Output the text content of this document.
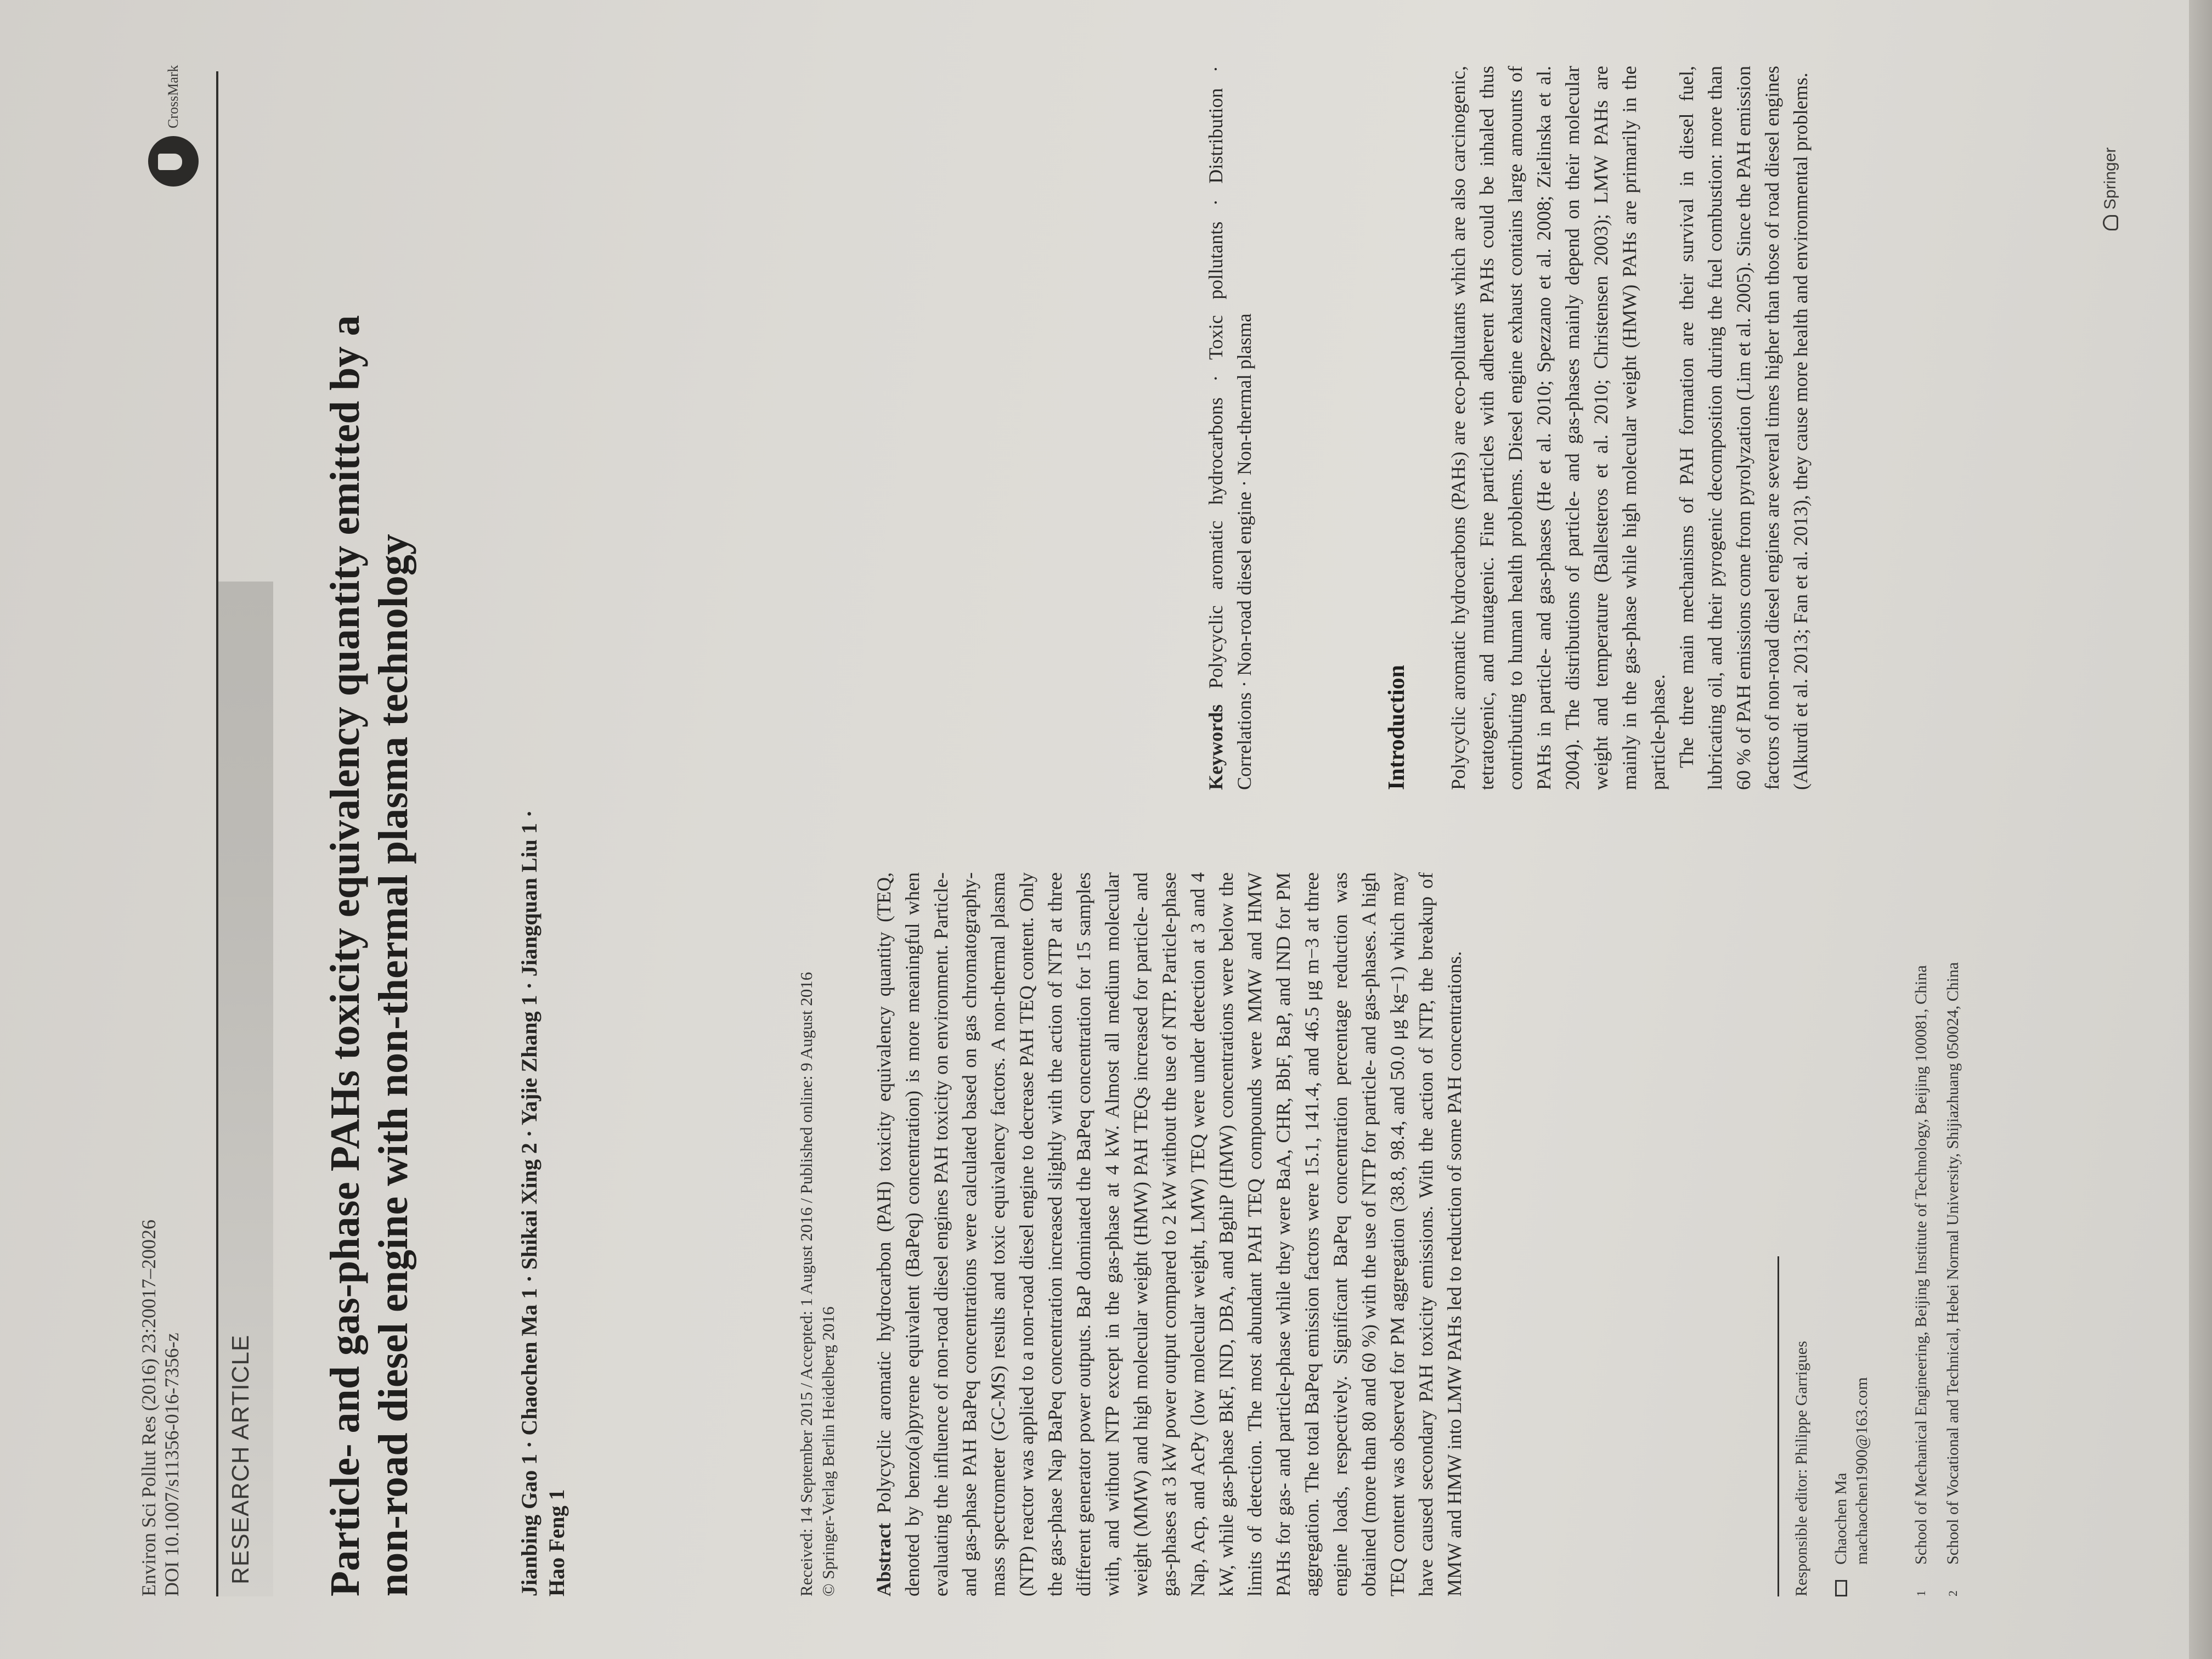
Environ Sci Pollut Res (2016) 23:20017–20026 DOI 10.1007/s11356-016-7356-z
CrossMark
RESEARCH ARTICLE	Particle- and gas-phase PAHs toxicity equivalency quantity emitted by a non-road diesel engine with non-thermal plasma technology	Jianbing Gao 1 · Chaochen Ma 1 · Shikai Xing 2 · Yajie Zhang 1 · Jiangquan Liu 1 · Hao Feng 1	Received: 14 September 2015 / Accepted: 1 August 2016 / Published online: 9 August 2016 © Springer-Verlag Berlin Heidelberg 2016 Abstract Polycyclic aromatic hydrocarbon (PAH) toxicity equivalency quantity (TEQ, denoted by benzo(a)pyrene equivalent (BaPeq) concentration) is more meaningful when evaluating the influence of non-road diesel engines PAH toxicity on environment. Particle- and gas-phase PAH BaPeq concentrations were calculated based on gas chromatography-mass spectrometer (GC-MS) results and toxic equivalency factors. A non-thermal plasma (NTP) reactor was applied to a non-road diesel engine to decrease PAH TEQ content. Only the gas-phase Nap BaPeq concentration increased slightly with the action of NTP at three different generator power outputs. BaP dominated the BaPeq concentration for 15 samples with, and without NTP except in the gas-phase at 4 kW. Almost all medium molecular weight (MMW) and high molecular weight (HMW) PAH TEQs increased for particle- and gas-phases at 3 kW power output compared to 2 kW without the use of NTP. Particle-phase Nap, Acp, and AcPy (low molecular weight, LMW) TEQ were under detection at 3 and 4 kW, while gas-phase BkF, IND, DBA, and BghiP (HMW) concentrations were below the limits of detection. The most abundant PAH TEQ compounds were MMW and HMW PAHs for gas- and particle-phase while they were BaA, CHR, BbF, BaP, and IND for PM aggregation. The total BaPeq emission factors were 15.1, 141.4, and 46.5 μg m−3 at three engine loads, respectively. Significant BaPeq concentration percentage reduction was obtained (more than 80 and 60 %) with the use of NTP for particle- and gas-phases. A high TEQ content was observed for PM aggregation (38.8, 98.4, and 50.0 μg kg−1) which may have caused secondary PAH toxicity emissions. With the action of NTP, the breakup of MMW and HMW into LMW PAHs led to reduction of some PAH concentrations.

Keywords Polycyclic aromatic hydrocarbons · Toxic pollutants · Distribution · Correlations · Non-road diesel engine · Non-thermal plasma	Introduction Polycyclic aromatic hydrocarbons (PAHs) are eco-pollutants which are also carcinogenic, tetratogenic, and mutagenic. Fine particles with adherent PAHs could be inhaled thus contributing to human health problems. Diesel engine exhaust contains large amounts of PAHs in particle- and gas-phases (He et al. 2010; Spezzano et al. 2008; Zielinska et al. 2004). The distributions of particle- and gas-phases mainly depend on their molecular weight and temperature (Ballesteros et al. 2010; Christensen 2003); LMW PAHs are mainly in the gas-phase while high molecular weight (HMW) PAHs are primarily in the particle-phase. The three main mechanisms of PAH formation are their survival in diesel fuel, lubricating oil, and their pyrogenic decomposition during the fuel combustion: more than 60 % of PAH emissions come from pyrolyzation (Lim et al. 2005). Since the PAH emission factors of non-road diesel engines are several times higher than those of road diesel engines (Alkurdi et al. 2013; Fan et al. 2013), they cause more health and environmental problems.

Responsible editor: Philippe Garrigues Chaochen Ma machaochen1900@163.com
1
School of Mechanical Engineering, Beijing Institute of Technology, Beijing 100081, China
2
School of Vocational and Technical, Hebei Normal University, Shijiazhuang 050024, China
Springer
